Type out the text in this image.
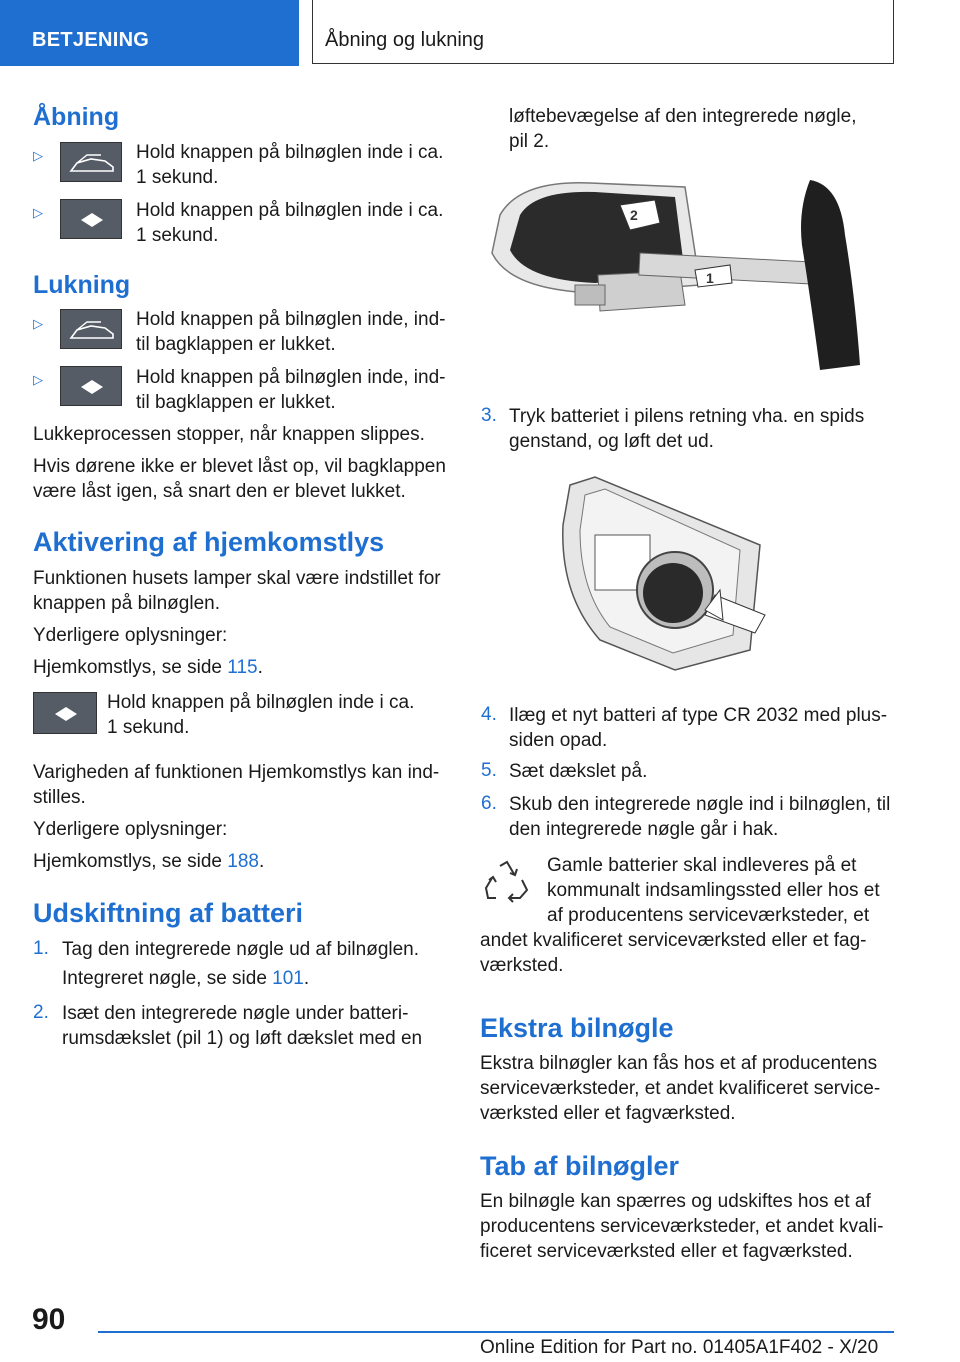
BETJENING	Åbning og lukning
Åbning
▷	Hold knappen på bilnøglen inde i ca.
1 sekund.
▷	Hold knappen på bilnøglen inde i ca.
1 sekund.
Lukning
▷	Hold knappen på bilnøglen inde, ind-
til bagklappen er lukket.
▷	Hold knappen på bilnøglen inde, ind-
til bagklappen er lukket.
Lukkeprocessen stopper, når knappen slippes.
Hvis dørene ikke er blevet låst op, vil bagklappen
være låst igen, så snart den er blevet lukket.
Aktivering af hjemkomstlys
Funktionen husets lamper skal være indstillet for
knappen på bilnøglen.
Yderligere oplysninger:
Hjemkomstlys, se side 115.
Hold knappen på bilnøglen inde i ca.
1 sekund.
Varigheden af funktionen Hjemkomstlys kan ind-
stilles.
Yderligere oplysninger:
Hjemkomstlys, se side 188.
Udskiftning af batteri
1. Tag den integrerede nøgle ud af bilnøglen.
Integreret nøgle, se side 101.
2. Isæt den integrerede nøgle under batteri-
rumsdækslet (pil 1) og løft dækslet med en
løftebevægelse af den integrerede nøgle,
pil 2.
2
1
3. Tryk batteriet i pilens retning vha. en spids
genstand, og løft det ud.
4. Ilæg et nyt batteri af type CR 2032 med plus-
siden opad.
5. Sæt dækslet på.
6. Skub den integrerede nøgle ind i bilnøglen, til
den integrerede nøgle går i hak.
Gamle batterier skal indleveres på et
kommunalt indsamlingssted eller hos et
af producentens serviceværksteder, et
andet kvalificeret serviceværksted eller et fag-
værksted.
Ekstra bilnøgle
Ekstra bilnøgler kan fås hos et af producentens
serviceværksteder, et andet kvalificeret service-
værksted eller et fagværksted.
Tab af bilnøgler
En bilnøgle kan spærres og udskiftes hos et af
producentens serviceværksteder, et andet kvali-
ficeret serviceværksted eller et fagværksted.
90
Online Edition for Part no. 01405A1F402 - X/20
